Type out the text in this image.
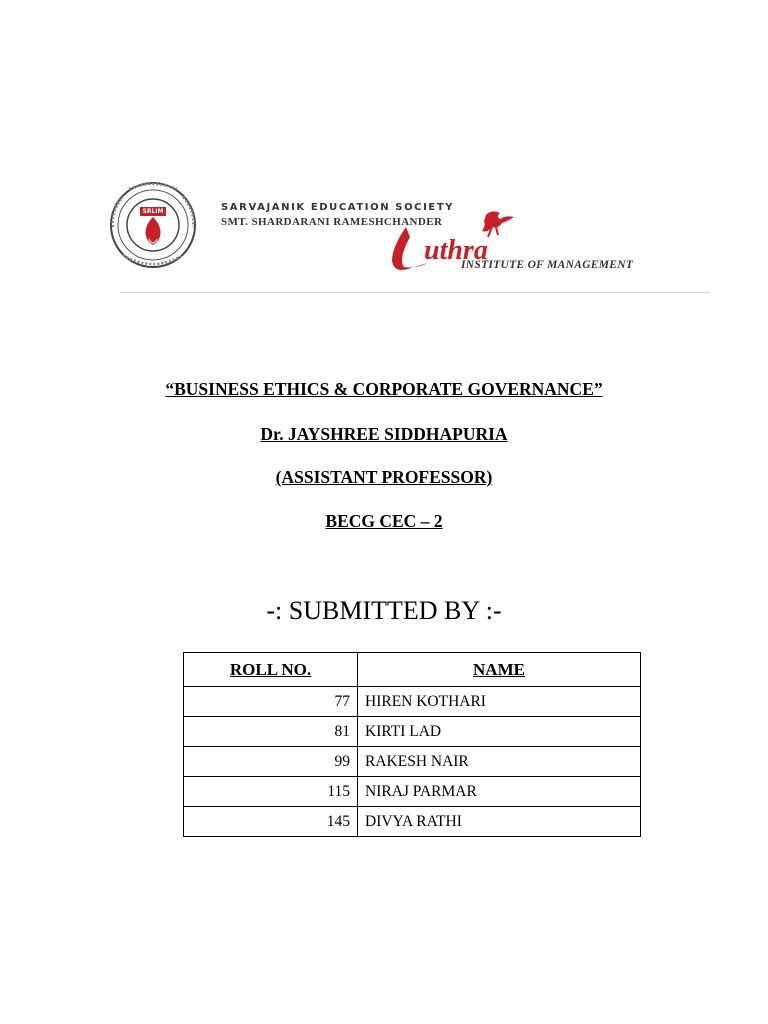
SRLIM	SARVAJANIK EDUCATION SOCIETY
SMT. SHARDARANI RAMESHCHANDER
uthra
INSTITUTE OF MANAGEMENT
“BUSINESS ETHICS & CORPORATE GOVERNANCE”
Dr. JAYSHREE SIDDHAPURIA
(ASSISTANT PROFESSOR)
BECG CEC – 2
-: SUBMITTED BY :-
ROLL NO.	NAME
77	HIREN KOTHARI
81	KIRTI LAD
99	RAKESH NAIR
115	NIRAJ PARMAR
145	DIVYA RATHI
